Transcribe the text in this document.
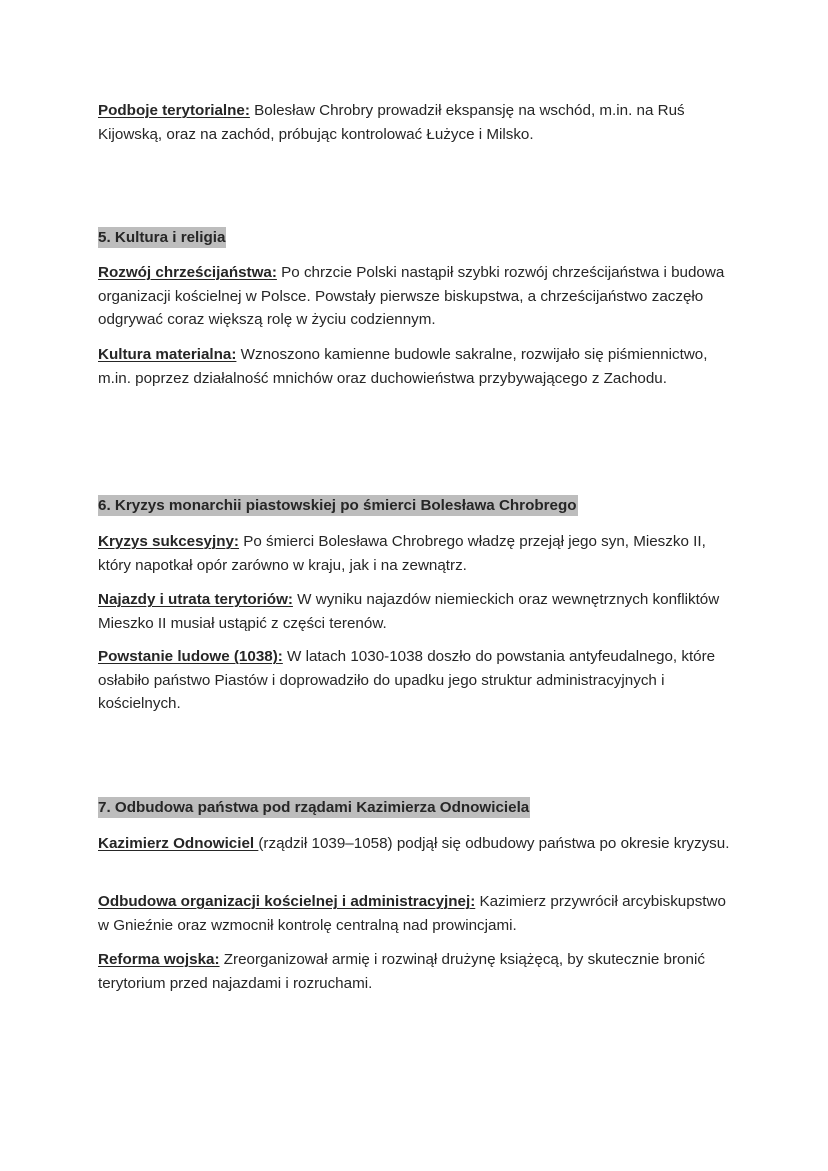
Podboje terytorialne: Bolesław Chrobry prowadził ekspansję na wschód, m.in. na Ruś Kijowską, oraz na zachód, próbując kontrolować Łużyce i Milsko.

5. Kultura i religia

Rozwój chrześcijaństwa: Po chrzcie Polski nastąpił szybki rozwój chrześcijaństwa i budowa organizacji kościelnej w Polsce. Powstały pierwsze biskupstwa, a chrześcijaństwo zaczęło odgrywać coraz większą rolę w życiu codziennym.

Kultura materialna: Wznoszono kamienne budowle sakralne, rozwijało się piśmiennictwo, m.in. poprzez działalność mnichów oraz duchowieństwa przybywającego z Zachodu.

6. Kryzys monarchii piastowskiej po śmierci Bolesława Chrobrego

Kryzys sukcesyjny: Po śmierci Bolesława Chrobrego władzę przejął jego syn, Mieszko II, który napotkał opór zarówno w kraju, jak i na zewnątrz.

Najazdy i utrata terytoriów: W wyniku najazdów niemieckich oraz wewnętrznych konfliktów Mieszko II musiał ustąpić z części terenów.

Powstanie ludowe (1038): W latach 1030-1038 doszło do powstania antyfeudalnego, które osłabiło państwo Piastów i doprowadziło do upadku jego struktur administracyjnych i kościelnych.

7. Odbudowa państwa pod rządami Kazimierza Odnowiciela

Kazimierz Odnowiciel (rządził 1039–1058) podjął się odbudowy państwa po okresie kryzysu.

Odbudowa organizacji kościelnej i administracyjnej: Kazimierz przywrócił arcybiskupstwo w Gnieźnie oraz wzmocnił kontrolę centralną nad prowincjami.

Reforma wojska: Zreorganizował armię i rozwinął drużynę książęcą, by skutecznie bronić terytorium przed najazdami i rozruchami.
